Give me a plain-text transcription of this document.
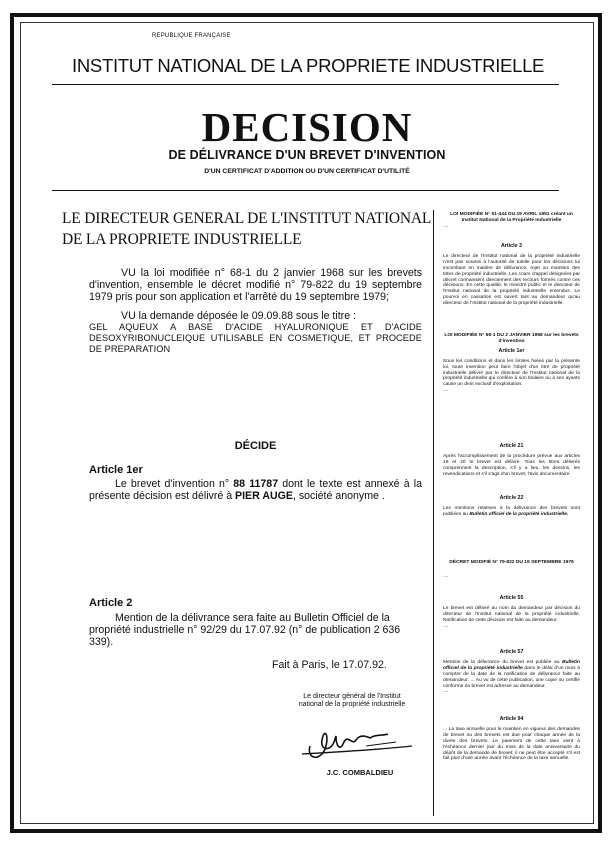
REPUBLIQUE FRANÇAISE
INSTITUT NATIONAL DE LA PROPRIETE INDUSTRIELLE
DECISION
DE DÉLIVRANCE D'UN BREVET D'INVENTION
D'UN CERTIFICAT D'ADDITION OU D'UN CERTIFICAT D'UTILITÉ
LE DIRECTEUR GENERAL DE L'INSTITUT NATIONAL DE LA PROPRIETE INDUSTRIELLE
VU la loi modifiée n° 68-1 du 2 janvier 1968 sur les brevets d'invention, ensemble le décret modifié n° 79-822 du 19 septembre 1979 pris pour son application et l'arrêté du 19 septembre 1979;
VU la demande déposée le 09.09.88 sous le titre :
GEL AQUEUX A BASE D'ACIDE HYALURONIQUE ET D'ACIDE DESOXYRIBONUCLEIQUE UTILISABLE EN COSMETIQUE, ET PROCEDE DE PREPARATION
DÉCIDE
Article 1er
Le brevet d'invention n° 88 11787 dont le texte est annexé à la présente décision est délivré à PIER AUGE, société anonyme .
Article 2
Mention de la délivrance sera faite au Bulletin Officiel de la propriété industrielle n° 92/29 du 17.07.92 (n° de publication 2 636 339).
Fait à Paris, le 17.07.92.
Le directeur général de l'Institut
national de la propriété industrielle
J.C. COMBALDIEU

LOI MODIFIÉE N° 51-444 DU 19 AVRIL 1951 créant un Institut National de la Propriété Industrielle

....

Article 3

Le directeur de l'Institut national de la propriété industrielle n'est pas soumis à l'autorité de tutelle pour les décisions lui incombant en matière de délivrance, rejet ou maintien des titres de propriété industrielle. Les cours d'appel désignées par décret connaissent directement des recours formés contre ces décisions. En cette qualité, le ministre public et le directeur de l'Institut national de la propriété industrielle entendus. Le pourvoi en cassation est ouvert tant au demandeur qu'au directeur de l'Institut national de la propriété industrielle.

LOI MODIFIÉE N° 68-1 DU 2 JANVIER 1968 sur les brevets d'invention

Article 1er

Sous les conditions et dans les limites fixées par la présente loi, toute invention peut faire l'objet d'un titre de propriété industrielle délivré par le directeur de l'Institut national de la propriété industrielle qui confère à son titulaire ou à ses ayants cause un droit exclusif d'exploitation.

....

Article 21

Après l'accomplissement de la procédure prévue aux articles 19 et 20 le brevet est délivré. Tous les titres délivrés comprennent la description, s'il y a lieu, les dessins, les revendications et s'il s'agit d'un brevet, l'avis documentaire.

Article 22

Les mentions relatives à la délivrance des brevets sont publiées au Bulletin officiel de la propriété industrielle.

DÉCRET MODIFIÉ N° 79-822 DU 19 SEPTEMBRE 1979

....

Article 55

Le brevet est délivré au nom du demandeur par décision du directeur de l'Institut national de la propriété industrielle. Notification de cette décision est faite au demandeur.

....

Article 57

Mention de la délivrance du brevet est publiée au Bulletin officiel de la propriété industrielle dans le délai d'un mois à compter de la date de la notification de délivrance faite au demandeur. ... Au vu de cette publication, une copie ou certifié conforme du brevet est adressé au demandeur.

....

Article 94

... La taxe annuelle pour le maintien en vigueur des demandes de brevet ou des brevets est due pour chaque année de la durée des brevets. Le paiement de cette taxe vient à l'échéance dernier jour du mois de la date anniversaire du dépôt de la demande de brevet; il ne peut être accepté s'il est fait plus d'une année avant l'échéance de la taxe annuelle.
